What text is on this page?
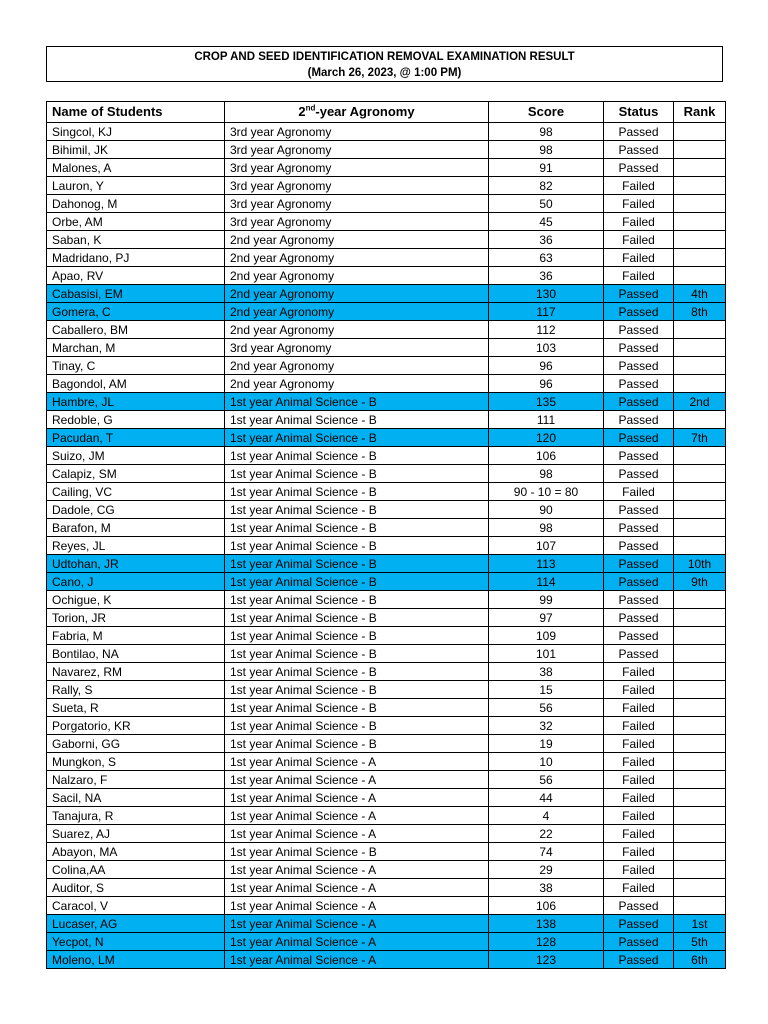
CROP AND SEED IDENTIFICATION REMOVAL EXAMINATION RESULT
(March 26, 2023, @ 1:00 PM)
Name of Students	2nd-year Agronomy	Score	Status	Rank
Singcol, KJ	3rd year Agronomy	98	Passed	
Bihimil, JK	3rd year Agronomy	98	Passed	
Malones, A	3rd year Agronomy	91	Passed	
Lauron, Y	3rd year Agronomy	82	Failed	
Dahonog, M	3rd year Agronomy	50	Failed	
Orbe, AM	3rd year Agronomy	45	Failed	
Saban, K	2nd year Agronomy	36	Failed	
Madridano, PJ	2nd year Agronomy	63	Failed	
Apao, RV	2nd year Agronomy	36	Failed	
Cabasisi, EM	2nd year Agronomy	130	Passed	4th
Gomera, C	2nd year Agronomy	117	Passed	8th
Caballero, BM	2nd year Agronomy	112	Passed	
Marchan, M	3rd year Agronomy	103	Passed	
Tinay, C	2nd year Agronomy	96	Passed	
Bagondol, AM	2nd year Agronomy	96	Passed	
Hambre, JL	1st year Animal Science - B	135	Passed	2nd
Redoble, G	1st year Animal Science - B	111	Passed	
Pacudan, T	1st year Animal Science - B	120	Passed	7th
Suizo, JM	1st year Animal Science - B	106	Passed	
Calapiz, SM	1st year Animal Science - B	98	Passed	
Cailing, VC	1st year Animal Science - B	90 - 10 = 80	Failed	
Dadole, CG	1st year Animal Science - B	90	Passed	
Barafon, M	1st year Animal Science - B	98	Passed	
Reyes, JL	1st year Animal Science - B	107	Passed	
Udtohan, JR	1st year Animal Science - B	113	Passed	10th
Cano, J	1st year Animal Science - B	114	Passed	9th
Ochigue, K	1st year Animal Science - B	99	Passed	
Torion, JR	1st year Animal Science - B	97	Passed	
Fabria, M	1st year Animal Science - B	109	Passed	
Bontilao, NA	1st year Animal Science - B	101	Passed	
Navarez, RM	1st year Animal Science - B	38	Failed	
Rally, S	1st year Animal Science - B	15	Failed	
Sueta, R	1st year Animal Science - B	56	Failed	
Porgatorio, KR	1st year Animal Science - B	32	Failed	
Gaborni, GG	1st year Animal Science - B	19	Failed	
Mungkon, S	1st year Animal Science - A	10	Failed	
Nalzaro, F	1st year Animal Science - A	56	Failed	
Sacil, NA	1st year Animal Science - A	44	Failed	
Tanajura, R	1st year Animal Science - A	4	Failed	
Suarez, AJ	1st year Animal Science - A	22	Failed	
Abayon, MA	1st year Animal Science - B	74	Failed	
Colina,AA	1st year Animal Science - A	29	Failed	
Auditor, S	1st year Animal Science - A	38	Failed	
Caracol, V	1st year Animal Science - A	106	Passed	
Lucaser, AG	1st year Animal Science - A	138	Passed	1st
Yecpot, N	1st year Animal Science - A	128	Passed	5th
Moleno, LM	1st year Animal Science - A	123	Passed	6th
